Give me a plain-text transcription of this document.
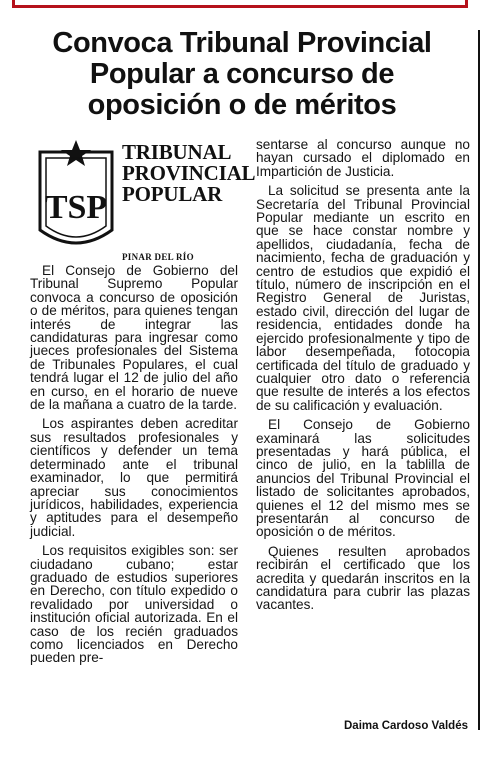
Convoca Tribunal Provincial
Popular a concurso de
oposición o de méritos
TSP
TRIBUNAL
PROVINCIAL
POPULAR
PINAR DEL RÍO

El Consejo de Gobierno del Tribunal Supremo Popular convoca a concurso de oposición o de méritos, para quienes tengan interés de integrar las candidaturas para ingresar como jueces profesionales del Sistema de Tribunales Populares, el cual tendrá lugar el 12 de julio del año en curso, en el horario de nueve de la mañana a cuatro de la tarde.

Los aspirantes deben acreditar sus resultados profesionales y científicos y defender un tema determinado ante el tribunal examinador, lo que permitirá apreciar sus conocimientos jurídicos, habilidades, experiencia y aptitudes para el desempeño judicial.

Los requisitos exigibles son: ser ciudadano cubano; estar graduado de estudios superiores en Derecho, con título expedido o revalidado por universidad o institución oficial autorizada. En el caso de los recién graduados como licenciados en Derecho pueden pre-

sentarse al concurso aunque no hayan cursado el diplomado en Impartición de Justicia.

La solicitud se presenta ante la Secretaría del Tribunal Provincial Popular mediante un escrito en que se hace constar nombre y apellidos, ciudadanía, fecha de nacimiento, fecha de graduación y centro de estudios que expidió el título, número de inscripción en el Registro General de Juristas, estado civil, dirección del lugar de residencia, entidades donde ha ejercido profesionalmente y tipo de labor desempeñada, fotocopia certificada del título de graduado y cualquier otro dato o referencia que resulte de interés a los efectos de su calificación y evaluación.

El Consejo de Gobierno examinará las solicitudes presentadas y hará pública, el cinco de julio, en la tablilla de anuncios del Tribunal Provincial el listado de solicitantes aprobados, quienes el 12 del mismo mes se presentarán al concurso de oposición o de méritos.

Quienes resulten aprobados recibirán el certificado que los acredita y quedarán inscritos en la candidatura para cubrir las plazas vacantes.

Daima Cardoso Valdés
